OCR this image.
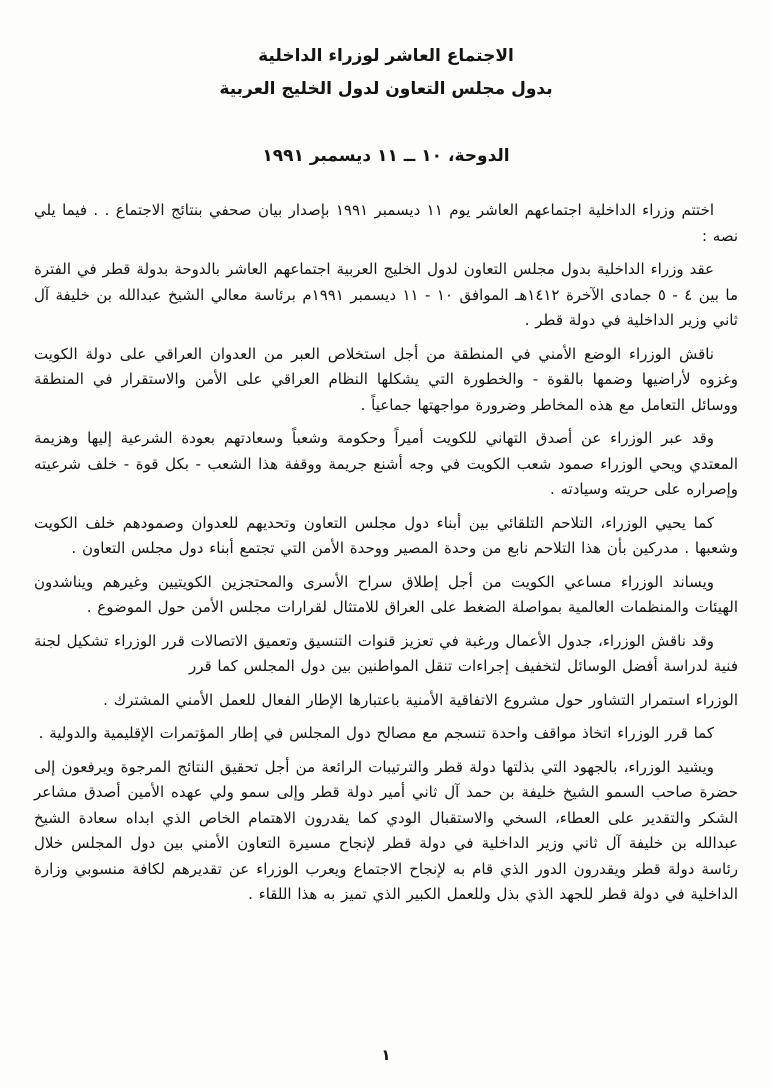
الاجتماع العاشر لوزراء الداخلية
بدول مجلس التعاون لدول الخليج العربية
الدوحة، ١٠ ــ ١١ ديسمبر ١٩٩١

اختتم وزراء الداخلية اجتماعهم العاشر يوم ١١ ديسمبر ١٩٩١ بإصدار بيان صحفي بنتائج الاجتماع . . فيما يلي نصه :

عقد وزراء الداخلية بدول مجلس التعاون لدول الخليج العربية اجتماعهم العاشر بالدوحة بدولة قطر في الفترة ما بين ٤ - ٥ جمادى الآخرة ١٤١٢هـ الموافق ١٠ - ١١ ديسمبر ١٩٩١م برئاسة معالي الشيخ عبدالله بن خليفة آل ثاني وزير الداخلية في دولة قطر .

ناقش الوزراء الوضع الأمني في المنطقة من أجل استخلاص العبر من العدوان العراقي على دولة الكويت وغزوه لأراضيها وضمها بالقوة - والخطورة التي يشكلها النظام العراقي على الأمن والاستقرار في المنطقة ووسائل التعامل مع هذه المخاطر وضرورة مواجهتها جماعياً .

وقد عبر الوزراء عن أصدق التهاني للكويت أميراً وحكومة وشعباً وسعادتهم بعودة الشرعية إليها وهزيمة المعتدي ويحي الوزراء صمود شعب الكويت في وجه أشنع جريمة ووقفة هذا الشعب - بكل قوة - خلف شرعيته وإصراره على حريته وسيادته .

كما يحيي الوزراء، التلاحم التلقائي بين أبناء دول مجلس التعاون وتحديهم للعدوان وصمودهم خلف الكويت وشعبها . مدركين بأن هذا التلاحم نابع من وحدة المصير ووحدة الأمن التي تجتمع أبناء دول مجلس التعاون .

ويساند الوزراء مساعي الكويت من أجل إطلاق سراح الأسرى والمحتجزين الكويتيين وغيرهم ويناشدون الهيئات والمنظمات العالمية بمواصلة الضغط على العراق للامتثال لقرارات مجلس الأمن حول الموضوع .

وقد ناقش الوزراء، جدول الأعمال ورغبة في تعزيز قنوات التنسيق وتعميق الاتصالات قرر الوزراء تشكيل لجنة فنية لدراسة أفضل الوسائل لتخفيف إجراءات تنقل المواطنين بين دول المجلس كما قرر

الوزراء استمرار التشاور حول مشروع الاتفاقية الأمنية باعتبارها الإطار الفعال للعمل الأمني المشترك .

كما قرر الوزراء اتخاذ مواقف واحدة تنسجم مع مصالح دول المجلس في إطار المؤتمرات الإقليمية والدولية .

ويشيد الوزراء، بالجهود التي بذلتها دولة قطر والترتيبات الرائعة من أجل تحقيق النتائج المرجوة ويرفعون إلى حضرة صاحب السمو الشيخ خليفة بن حمد آل ثاني أمير دولة قطر وإلى سمو ولي عهده الأمين أصدق مشاعر الشكر والتقدير على العطاء، السخي والاستقبال الودي كما يقدرون الاهتمام الخاص الذي ابداه سعادة الشيخ عبدالله بن خليفة آل ثاني وزير الداخلية في دولة قطر لإنجاح مسيرة التعاون الأمني بين دول المجلس خلال رئاسة دولة قطر ويقدرون الدور الذي قام به لإنجاح الاجتماع ويعرب الوزراء عن تقديرهم لكافة منسوبي وزارة الداخلية في دولة قطر للجهد الذي بذل وللعمل الكبير الذي تميز به هذا اللقاء .

١
